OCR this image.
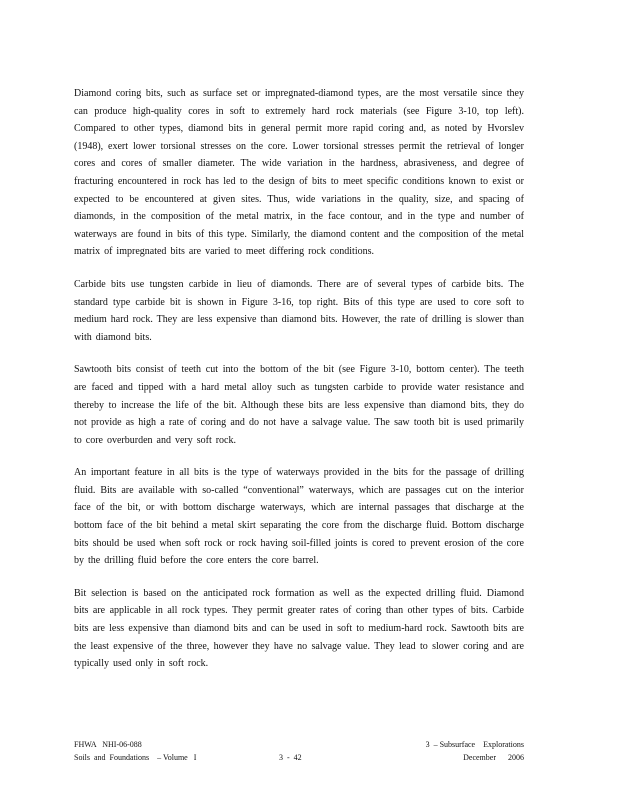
Diamond coring bits, such as surface set or impregnated-diamond types, are the most versatile since they can produce high-quality cores in soft to extremely hard rock materials (see Figure 3-10, top left). Compared to other types, diamond bits in general permit more rapid coring and, as noted by Hvorslev (1948), exert lower torsional stresses on the core. Lower torsional stresses permit the retrieval of longer cores and cores of smaller diameter. The wide variation in the hardness, abrasiveness, and degree of fracturing encountered in rock has led to the design of bits to meet specific conditions known to exist or expected to be encountered at given sites. Thus, wide variations in the quality, size, and spacing of diamonds, in the composition of the metal matrix, in the face contour, and in the type and number of waterways are found in bits of this type. Similarly, the diamond content and the composition of the metal matrix of impregnated bits are varied to meet differing rock conditions.

Carbide bits use tungsten carbide in lieu of diamonds. There are of several types of carbide bits. The standard type carbide bit is shown in Figure 3-16, top right. Bits of this type are used to core soft to medium hard rock. They are less expensive than diamond bits. However, the rate of drilling is slower than with diamond bits.

Sawtooth bits consist of teeth cut into the bottom of the bit (see Figure 3-10, bottom center). The teeth are faced and tipped with a hard metal alloy such as tungsten carbide to provide water resistance and thereby to increase the life of the bit. Although these bits are less expensive than diamond bits, they do not provide as high a rate of coring and do not have a salvage value. The saw tooth bit is used primarily to core overburden and very soft rock.

An important feature in all bits is the type of waterways provided in the bits for the passage of drilling fluid. Bits are available with so-called “conventional” waterways, which are passages cut on the interior face of the bit, or with bottom discharge waterways, which are internal passages that discharge at the bottom face of the bit behind a metal skirt separating the core from the discharge fluid. Bottom discharge bits should be used when soft rock or rock having soil-filled joints is cored to prevent erosion of the core by the drilling fluid before the core enters the core barrel.

Bit selection is based on the anticipated rock formation as well as the expected drilling fluid. Diamond bits are applicable in all rock types. They permit greater rates of coring than other types of bits. Carbide bits are less expensive than diamond bits and can be used in soft to medium-hard rock. Sawtooth bits are the least expensive of the three, however they have no salvage value. They lead to slower coring and are typically used only in soft rock.

FHWA   NHI-06-088
Soils  and  Foundations    – Volume   I	3  -  42
3  – Subsurface    Explorations
December      2006
